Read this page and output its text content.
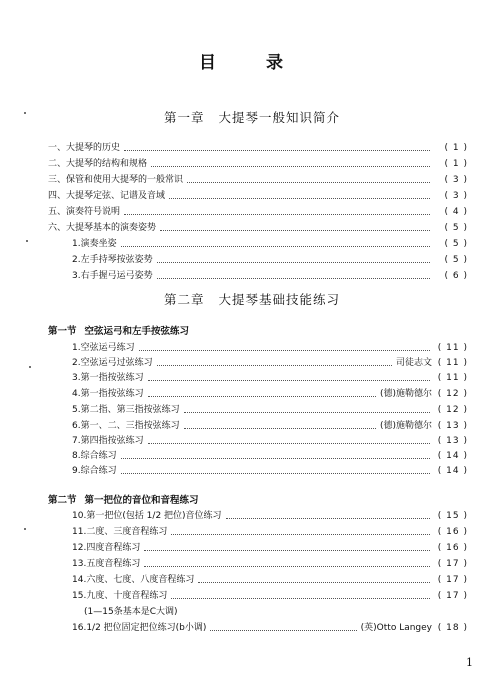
目 录
第一章 大提琴一般知识简介
一、大提琴的历史	( 1 )
二、大提琴的结构和规格	( 1 )
三、保管和使用大提琴的一般常识	( 3 )
四、大提琴定弦、记谱及音域	( 3 )
五、演奏符号说明	( 4 )
六、大提琴基本的演奏姿势	( 5 )
1.演奏坐姿	( 5 )
2.左手持琴按弦姿势	( 5 )
3.右手握弓运弓姿势	( 6 )
第二章 大提琴基础技能练习
第一节 空弦运弓和左手按弦练习
1.空弦运弓练习	( 11 )
2.空弦运弓过弦练习	司徒志文 ( 11 )
3.第一指按弦练习	( 11 )
4.第一指按弦练习	(德)施勒德尔 ( 12 )
5.第二指、第三指按弦练习	( 12 )
6.第一、二、三指按弦练习	(德)施勒德尔 ( 13 )
7.第四指按弦练习	( 13 )
8.综合练习	( 14 )
9.综合练习	( 14 )
第二节 第一把位的音位和音程练习
10.第一把位(包括 1/2 把位)音位练习	( 15 )
11.二度、三度音程练习	( 16 )
12.四度音程练习	( 16 )
13.五度音程练习	( 17 )
14.六度、七度、八度音程练习	( 17 )
15.九度、十度音程练习	( 17 )
(1—15条基本是C大调)
16.1/2 把位固定把位练习(b小调)	(英)Otto Langey ( 18 )
1
